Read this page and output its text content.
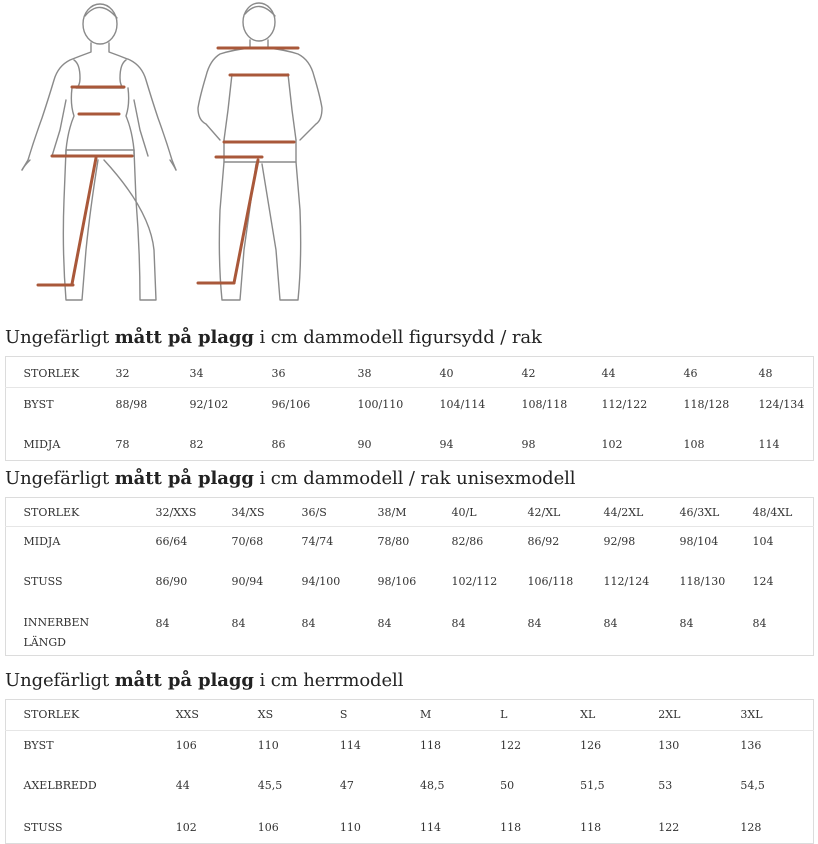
Ungefärligt mått på plagg i cm dammodell figursydd / rak

	STORLEK	32	34	36	38	40	42	44	46	48

	BYST	88/98	92/102	96/106	100/110	104/114	108/118	112/122	118/128	124/134

	MIDJA	78	82	86	90	94	98	102	108	114
Ungefärligt mått på plagg i cm dammodell / rak unisexmodell

	STORLEK	32/XXS	34/XS	36/S	38/M	40/L	42/XL	44/2XL	46/3XL	48/4XL

	MIDJA	66/64	70/68	74/74	78/80	82/86	86/92	92/98	98/104	104

	STUSS	86/90	90/94	94/100	98/106	102/112	106/118	112/124	118/130	124

	INNERBEN LÄNGD	84	84	84	84	84	84	84	84	84
Ungefärligt mått på plagg i cm herrmodell

	STORLEK	XXS	XS	S	M	L	XL	2XL	3XL

	BYST	106	110	114	118	122	126	130	136

	AXELBREDD	44	45,5	47	48,5	50	51,5	53	54,5

	STUSS	102	106	110	114	118	118	122	128
